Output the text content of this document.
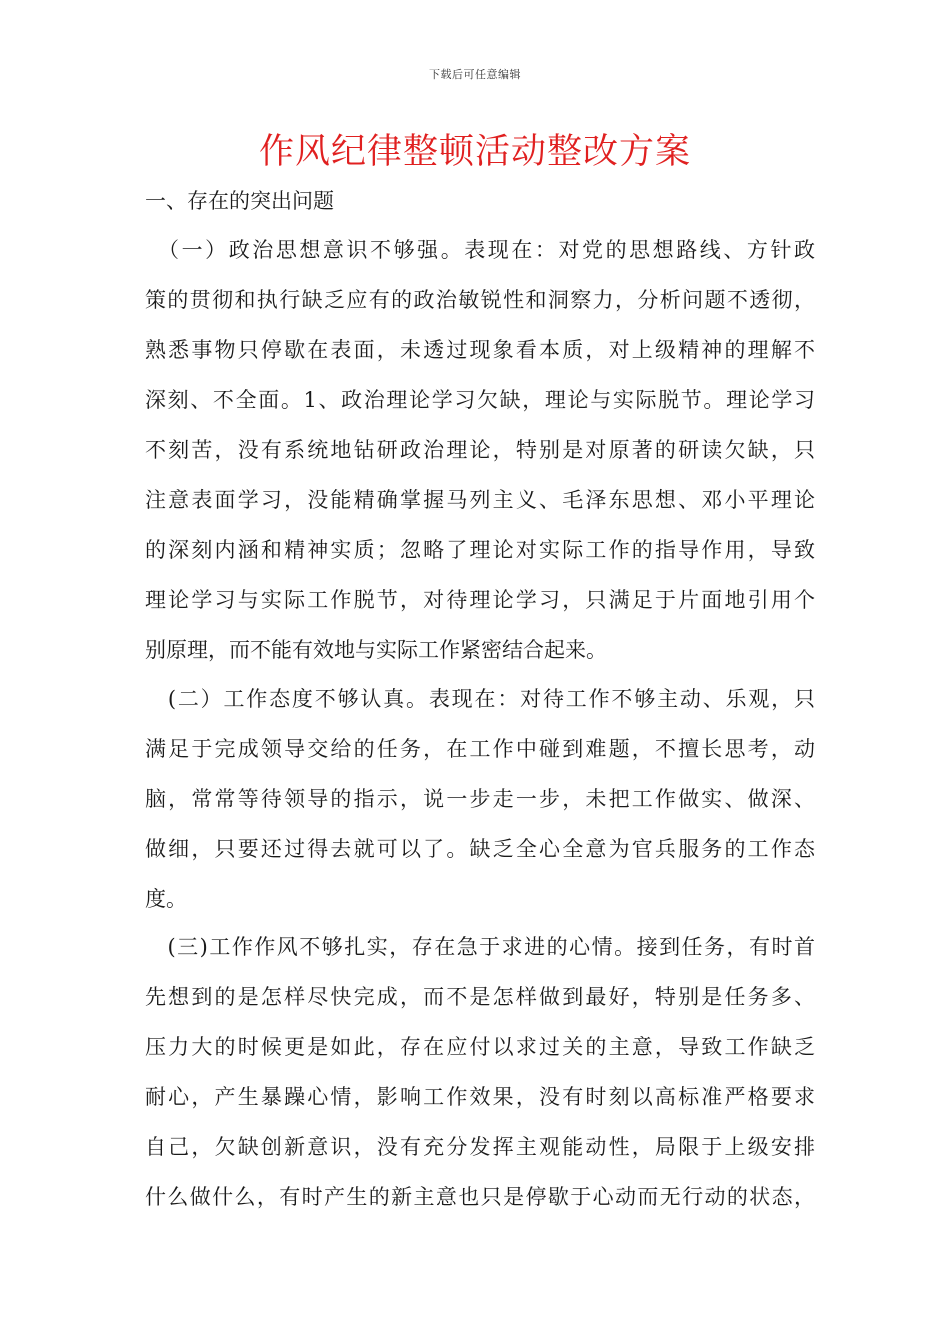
下载后可任意编辑
作风纪律整顿活动整改方案

一、存在的突出问题

　（一）政治思想意识不够强。表现在：对党的思想路线、方针政
策的贯彻和执行缺乏应有的政治敏锐性和洞察力，分析问题不透彻，
熟悉事物只停歇在表面，未透过现象看本质，对上级精神的理解不
深刻、不全面。1、政治理论学习欠缺，理论与实际脱节。理论学习
不刻苦，没有系统地钻研政治理论，特别是对原著的研读欠缺，只
注意表面学习，没能精确掌握马列主义、毛泽东思想、邓小平理论
的深刻内涵和精神实质；忽略了理论对实际工作的指导作用，导致
理论学习与实际工作脱节，对待理论学习，只满足于片面地引用个
别原理，而不能有效地与实际工作紧密结合起来。
　(二）工作态度不够认真。表现在：对待工作不够主动、乐观，只
满足于完成领导交给的任务，在工作中碰到难题，不擅长思考，动
脑，常常等待领导的指示，说一步走一步，未把工作做实、做深、
做细，只要还过得去就可以了。缺乏全心全意为官兵服务的工作态
度。
　(三)工作作风不够扎实，存在急于求进的心情。接到任务，有时首
先想到的是怎样尽快完成，而不是怎样做到最好，特别是任务多、
压力大的时候更是如此，存在应付以求过关的主意，导致工作缺乏
耐心，产生暴躁心情，影响工作效果，没有时刻以高标准严格要求
自己，欠缺创新意识，没有充分发挥主观能动性，局限于上级安排
什么做什么，有时产生的新主意也只是停歇于心动而无行动的状态，
